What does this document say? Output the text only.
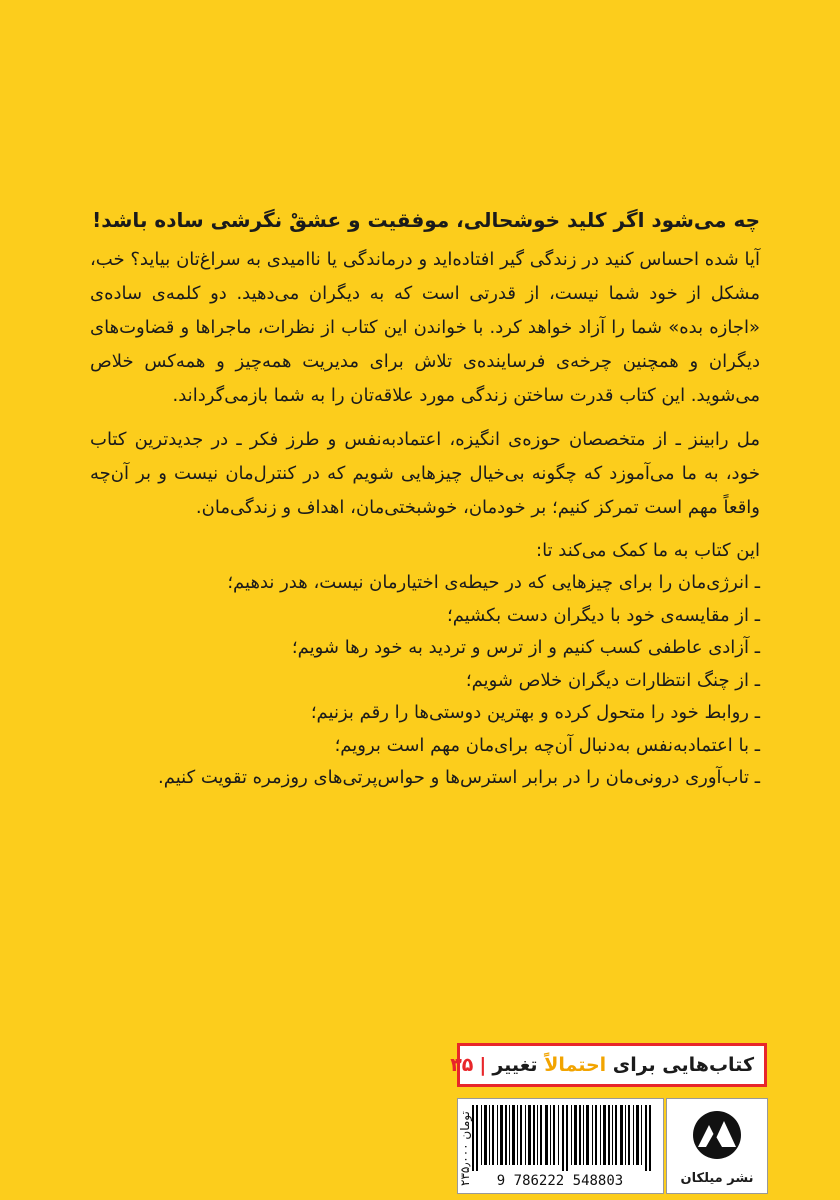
چه می‌شود اگر کلید خوشحالی، موفقیت و عشقْ نگرشی ساده باشد!

آیا شده احساس کنید در زندگی گیر افتاده‌اید و درماندگی یا ناامیدی به سراغ‌تان بیاید؟ خب، مشکل از خود شما نیست، از قدرتی است که به دیگران می‌دهید. دو کلمه‌ی ساده‌ی «اجازه بده» شما را آزاد خواهد کرد. با خواندن این کتاب از نظرات، ماجراها و قضاوت‌های دیگران و همچنین چرخه‌ی فرساینده‌ی تلاش برای مدیریت همه‌چیز و همه‌کس خلاص می‌شوید. این کتاب قدرت ساختن زندگی مورد علاقه‌تان را به شما بازمی‌گرداند.

مل رابینز ـ از متخصصان حوزه‌ی انگیزه، اعتمادبه‌نفس و طرز فکر ـ در جدیدترین کتاب خود، به ما می‌آموزد که چگونه بی‌خیال چیزهایی شویم که در کنترل‌مان نیست و بر آن‌چه واقعاً مهم است تمرکز کنیم؛ بر خودمان، خوشبختی‌مان، اهداف و زندگی‌مان.

این کتاب به ما کمک می‌کند تا:

ـ انرژی‌مان را برای چیزهایی که در حیطه‌ی اختیارمان نیست، هدر ندهیم؛
ـ از مقایسه‌ی خود با دیگران دست بکشیم؛
ـ آزادی عاطفی کسب کنیم و از ترس و تردید به خود رها شویم؛
ـ از چنگ انتظارات دیگران خلاص شویم؛
ـ روابط خود را متحول کرده و بهترین دوستی‌ها را رقم بزنیم؛
ـ با اعتمادبه‌نفس به‌دنبال آن‌چه برای‌مان مهم است برویم؛
ـ تاب‌آوری درونی‌مان را در برابر استرس‌ها و حواس‌پرتی‌های روزمره تقویت کنیم.
کتاب‌هایی برای

احتمالاً

تغییر
|
۳۵
9 786222 548803
۲۳۵٫۰۰۰ تومان
نشر میلکان
